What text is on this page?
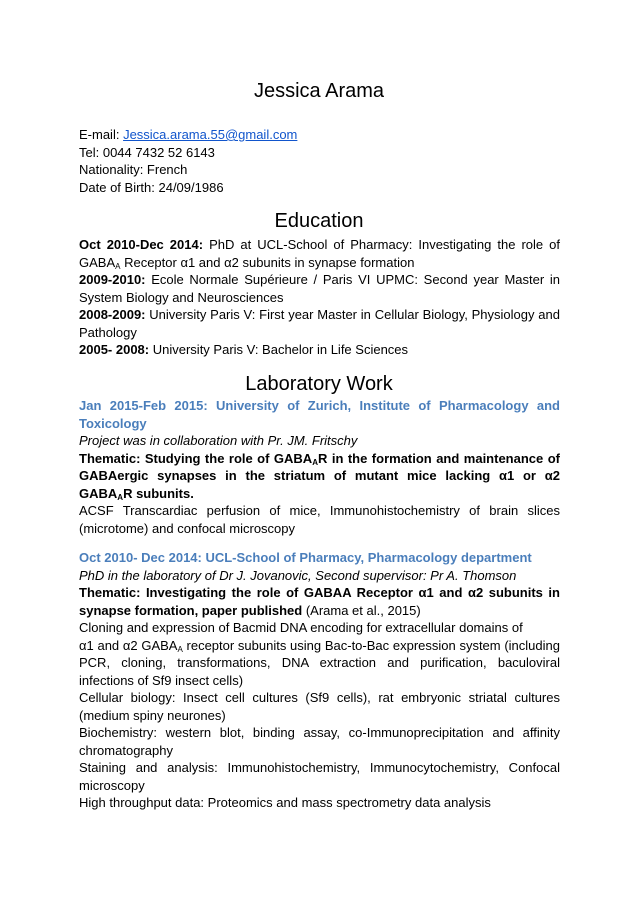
Jessica Arama
E-mail: Jessica.arama.55@gmail.com
Tel: 0044 7432 52 6143
Nationality: French
Date of Birth: 24/09/1986
Education
Oct 2010-Dec 2014: PhD at UCL-School of Pharmacy: Investigating the role of $GABA_A$ Receptor α1 and α2 subunits in synapse formation
2009-2010: Ecole Normale Supérieure / Paris VI UPMC: Second year Master in System Biology and Neurosciences
2008-2009: University Paris V: First year Master in Cellular Biology, Physiology and Pathology
2005- 2008: University Paris V: Bachelor in Life Sciences
Laboratory Work
Jan 2015-Feb 2015: University of Zurich, Institute of Pharmacology and Toxicology
Project was in collaboration with Pr. JM. Fritschy
Thematic: Studying the role of $GABA_AR$ in the formation and maintenance of GABAergic synapses in the striatum of mutant mice lacking α1 or α2 $GABA_AR$ subunits.
ACSF Transcardiac perfusion of mice, Immunohistochemistry of brain slices (microtome) and confocal microscopy
Oct 2010- Dec 2014: UCL-School of Pharmacy, Pharmacology department
PhD in the laboratory of Dr J. Jovanovic, Second supervisor: Pr A. Thomson
Thematic: Investigating the role of GABAA Receptor α1 and α2 subunits in synapse formation, paper published (Arama et al., 2015)
Cloning and expression of Bacmid DNA encoding for extracellular domains of
α1 and α2 $GABA_A$ receptor subunits using Bac-to-Bac expression system (including PCR, cloning, transformations, DNA extraction and purification, baculoviral infections of Sf9 insect cells)
Cellular biology: Insect cell cultures (Sf9 cells), rat embryonic striatal cultures (medium spiny neurones)
Biochemistry: western blot, binding assay, co-Immunoprecipitation and affinity chromatography
Staining and analysis: Immunohistochemistry, Immunocytochemistry, Confocal microscopy
High throughput data: Proteomics and mass spectrometry data analysis
